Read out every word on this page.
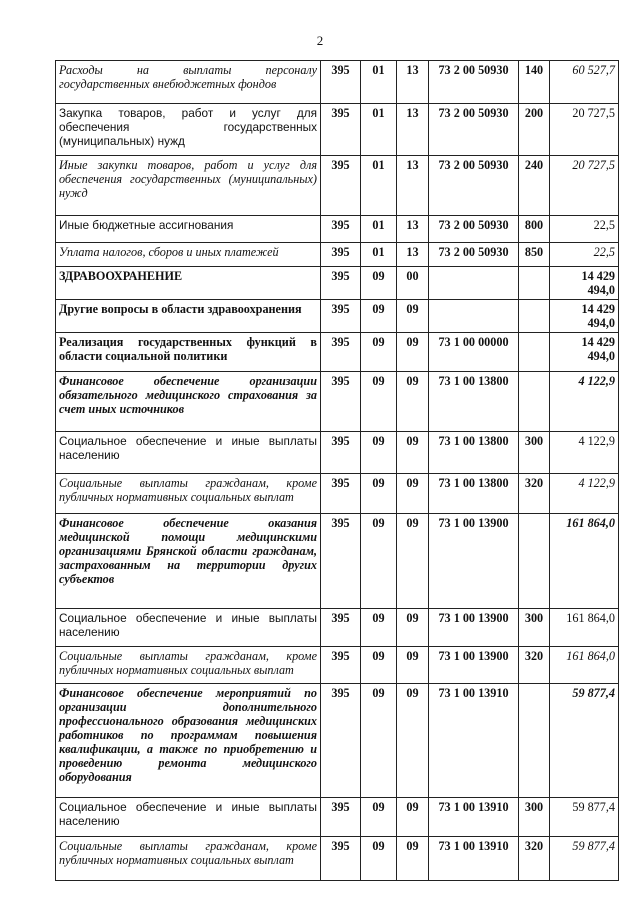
2
Расходы на выплаты персоналу государственных внебюджетных фондов	395	01	13	73 2 00 50930	140	60 527,7
Закупка товаров, работ и услуг для обеспечения государственных (муниципальных) нужд	395	01	13	73 2 00 50930	200	20 727,5
Иные закупки товаров, работ и услуг для обеспечения государственных (муниципальных) нужд	395	01	13	73 2 00 50930	240	20 727,5
Иные бюджетные ассигнования	395	01	13	73 2 00 50930	800	22,5
Уплата налогов, сборов и иных платежей	395	01	13	73 2 00 50930	850	22,5
ЗДРАВООХРАНЕНИЕ	395	09	00			14 429 494,0
Другие вопросы в области здравоохранения	395	09	09			14 429 494,0
Реализация государственных функций в области социальной политики	395	09	09	73 1 00 00000		14 429 494,0
Финансовое обеспечение организации обязательного медицинского страхования за счет иных источников	395	09	09	73 1 00 13800		4 122,9
Социальное обеспечение и иные выплаты населению	395	09	09	73 1 00 13800	300	4 122,9
Социальные выплаты гражданам, кроме публичных нормативных социальных выплат	395	09	09	73 1 00 13800	320	4 122,9
Финансовое обеспечение оказания медицинской помощи медицинскими организациями Брянской области гражданам, застрахованным на территории других субъектов	395	09	09	73 1 00 13900		161 864,0
Социальное обеспечение и иные выплаты населению	395	09	09	73 1 00 13900	300	161 864,0
Социальные выплаты гражданам, кроме публичных нормативных социальных выплат	395	09	09	73 1 00 13900	320	161 864,0
Финансовое обеспечение мероприятий по организации дополнительного профессионального образования медицинских работников по программам повышения квалификации, а также по приобретению и проведению ремонта медицинского оборудования	395	09	09	73 1 00 13910		59 877,4
Социальное обеспечение и иные выплаты населению	395	09	09	73 1 00 13910	300	59 877,4
Социальные выплаты гражданам, кроме публичных нормативных социальных выплат	395	09	09	73 1 00 13910	320	59 877,4
